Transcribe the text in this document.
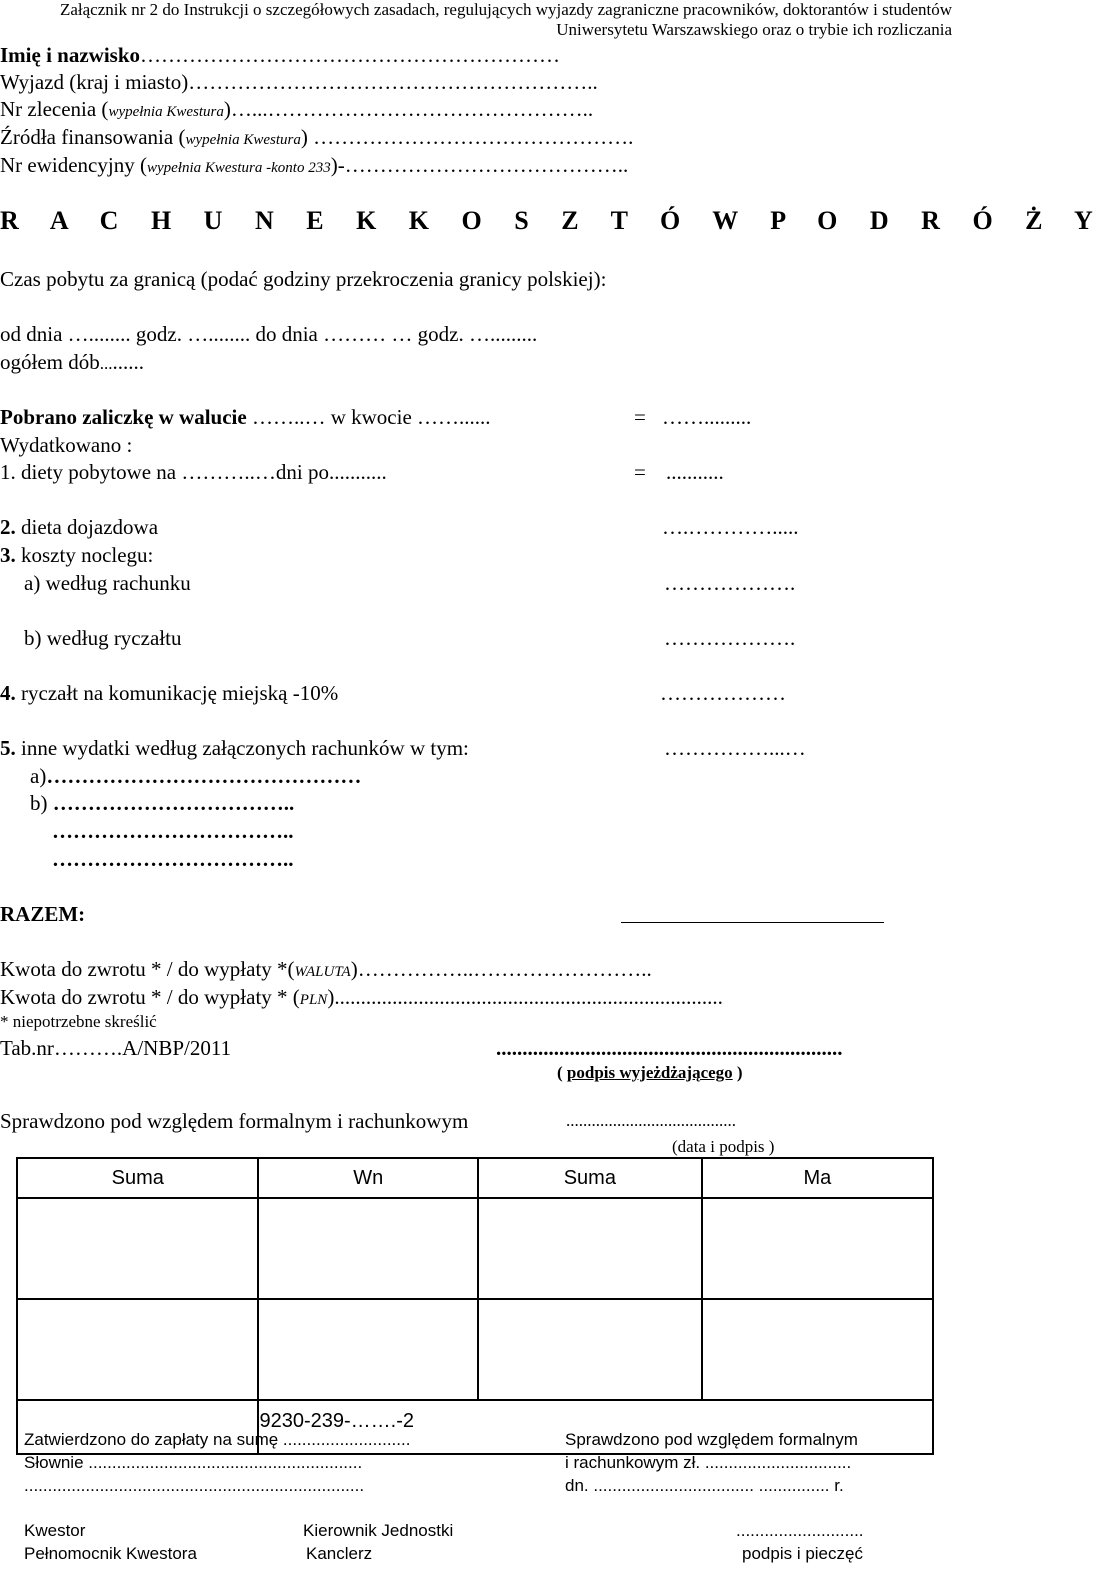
Załącznik nr 2 do Instrukcji o szczegółowych zasadach, regulujących wyjazdy zagraniczne pracowników, doktorantów i studentów
Uniwersytetu Warszawskiego oraz o trybie ich rozliczania
Imię i nazwisko……………………………………………………
Wyjazd (kraj i miasto)…………………………………………………..
Nr zlecenia (wypełnia Kwestura)…...………………………………………..
Źródła finansowania (wypełnia Kwestura) ……………………………………….
Nr ewidencyjny (wypełnia Kwestura -konto 233)-…………………………………..
R A C H U N E K K O S Z T Ó W P O D R Ó Ż Y
Czas pobytu za granicą (podać godziny przekroczenia granicy polskiej):
od dnia …........ godz. …........ do dnia ……… … godz. ….........
ogółem dób.........
Pobrano zaliczkę w walucie ……..… w kwocie ……......	= …….........
Wydatkowano :
1. diety pobytowe na ………..…dni po...........	= ...........
2. dieta dojazdowa	….………….....
3. koszty noclegu:
a) według rachunku	……………….
b) według ryczałtu	……………….
4. ryczałt na komunikację miejską -10%	………………
5. inne wydatki według załączonych rachunków w tym:	……………...…
a)………………………………………
b) ……………………………..
……………………………..
……………………………..
RAZEM:
Kwota do zwrotu * / do wypłaty *(WALUTA)……………..……………………..
Kwota do zwrotu * / do wypłaty * (PLN)..........................................................................
* niepotrzebne skreślić
Tab.nr……….A/NBP/2011	..................................................................
( podpis wyjeżdżającego )
Sprawdzono pod względem formalnym i rachunkowym	........................................
(data i podpis )
Suma	Wn	Suma	Ma

	9230-239-…….-2		
Zatwierdzono do zapłaty na sumę ...........................
Słownie ..........................................................
........................................................................
Sprawdzono pod względem formalnym
i rachunkowym zł. ...............................
dn. .................................. ............... r.
Kwestor
Pełnomocnik Kwestora
Kierownik Jednostki
Kanclerz
...........................
podpis i pieczęć
